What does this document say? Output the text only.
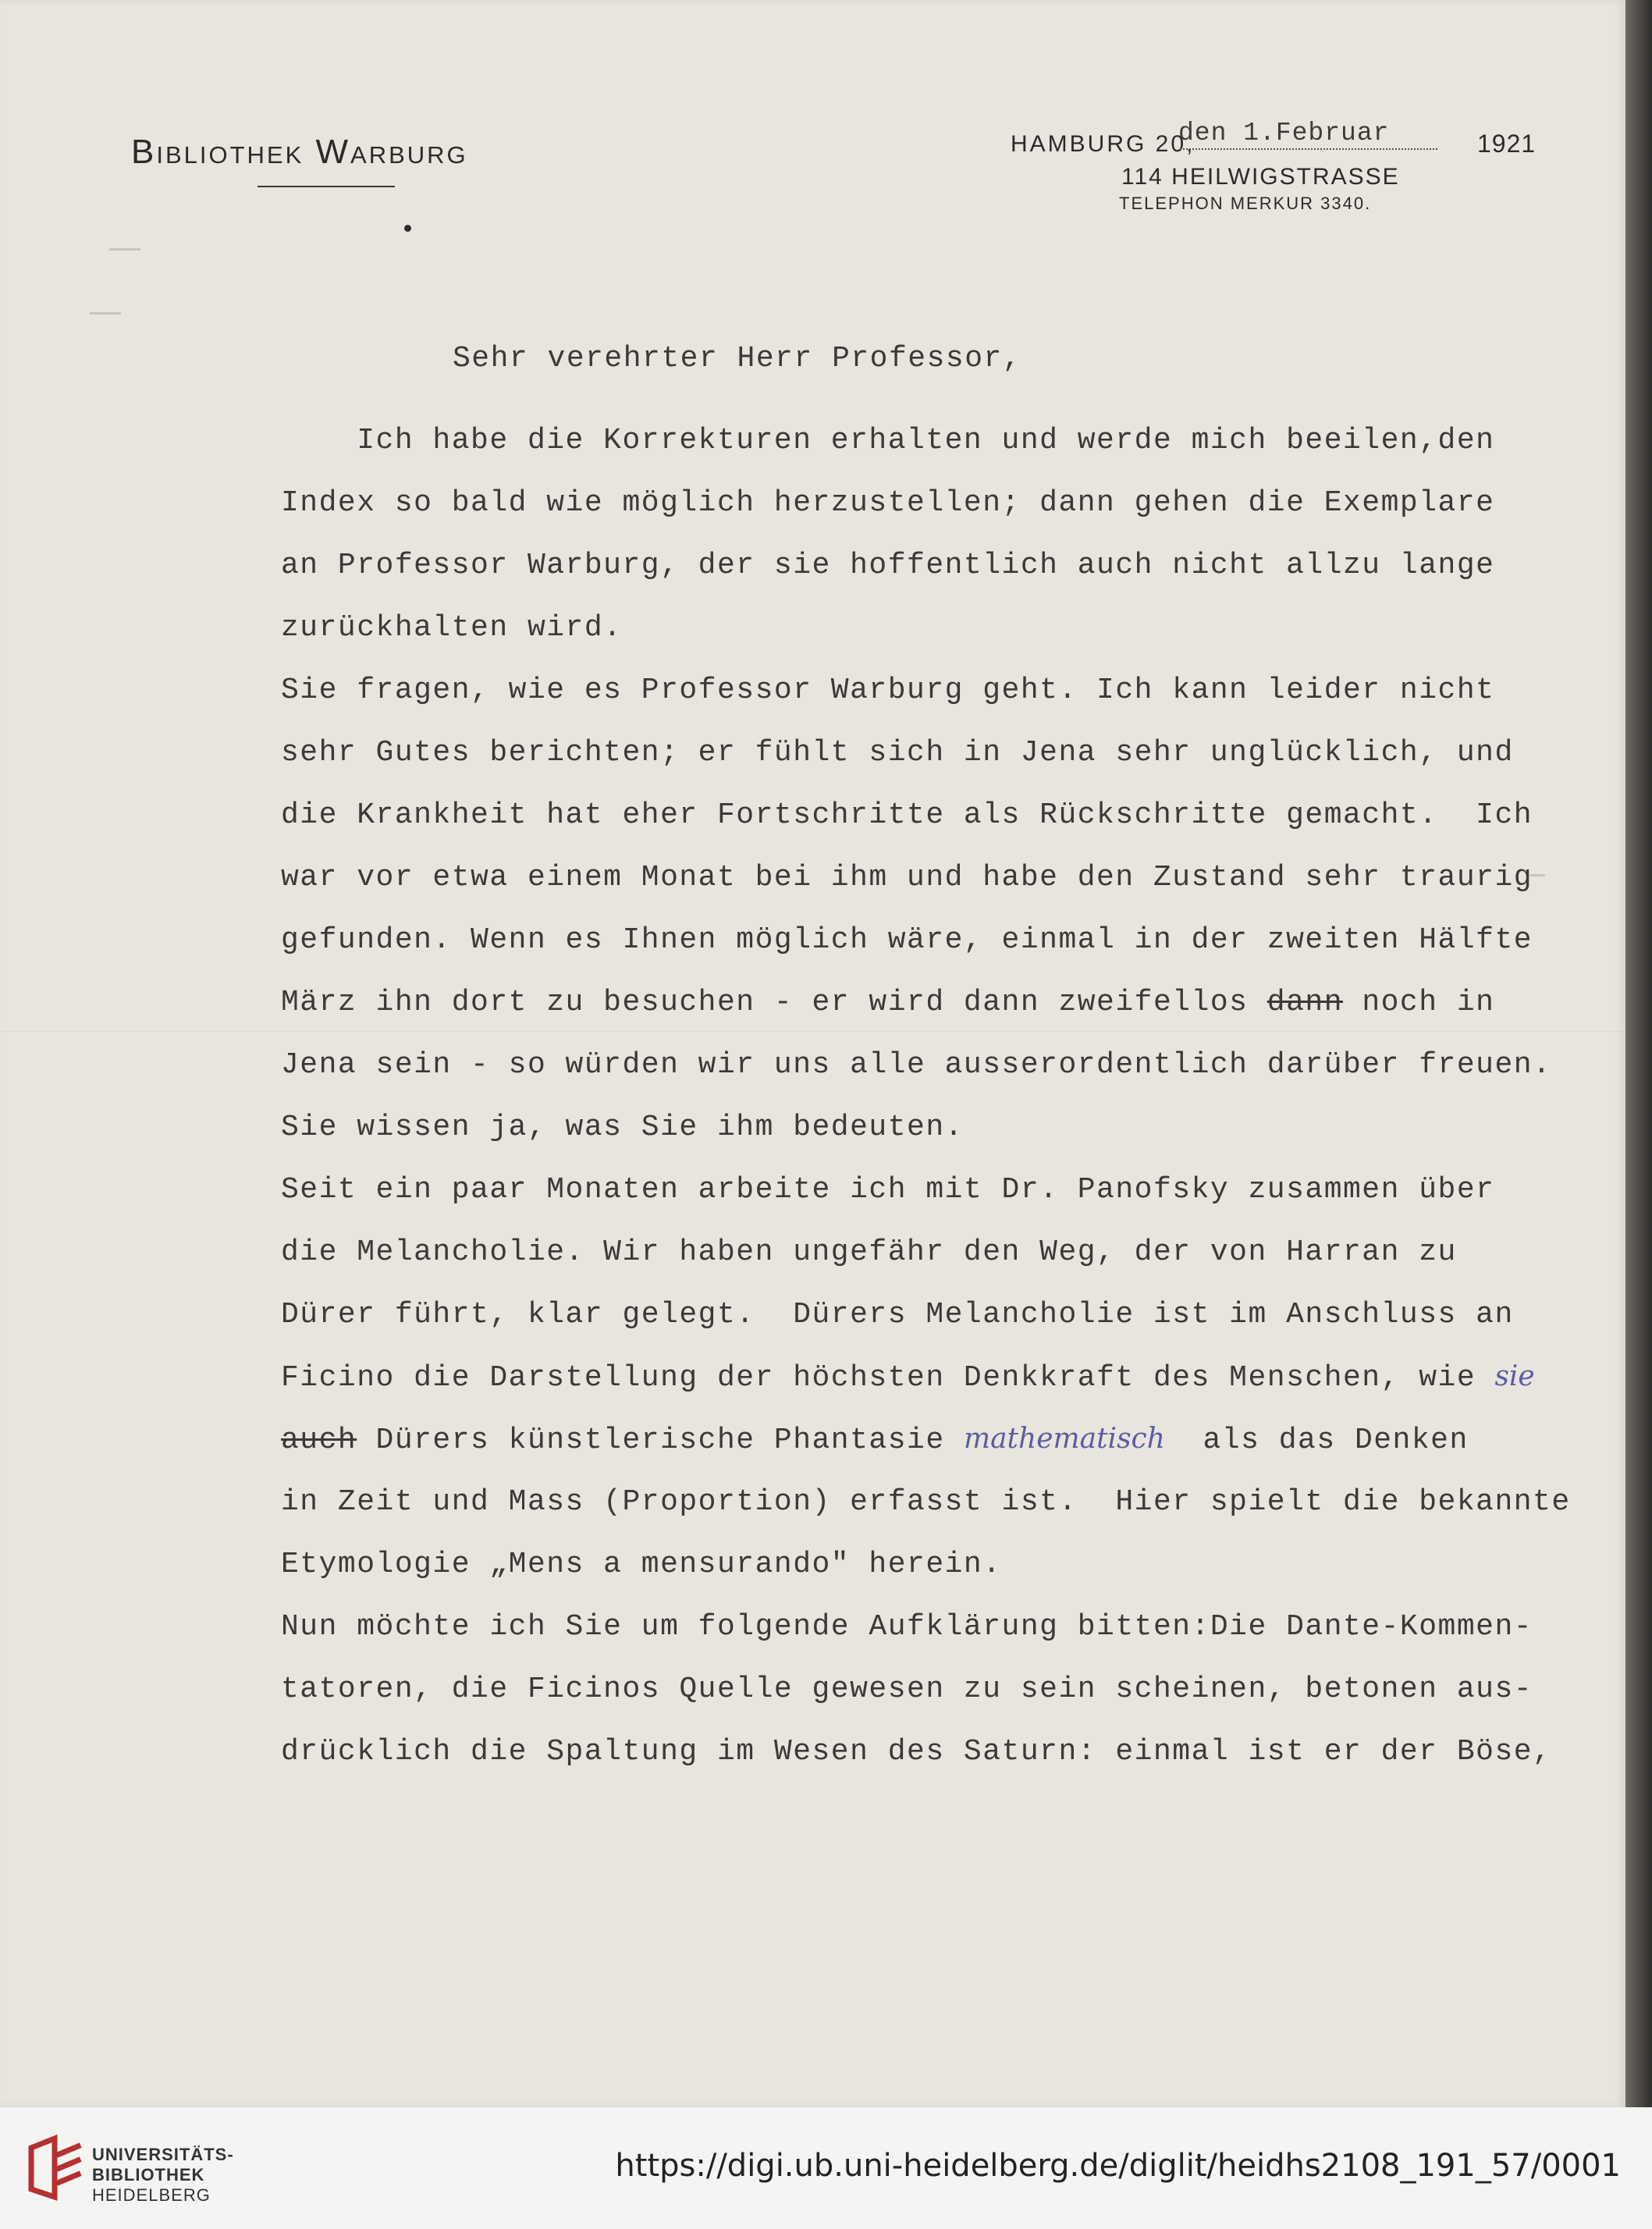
Bibliothek Warburg	HAMBURG 20,
den 1.Februar	1921
114 HEILWIGSTRASSE
TELEPHON MERKUR 3340.
Sehr verehrter Herr Professor,
Ich habe die Korrekturen erhalten und werde mich beeilen,den
Index so bald wie möglich herzustellen; dann gehen die Exemplare
an Professor Warburg, der sie hoffentlich auch nicht allzu lange
zurückhalten wird.
Sie fragen, wie es Professor Warburg geht. Ich kann leider nicht
sehr Gutes berichten; er fühlt sich in Jena sehr unglücklich, und
die Krankheit hat eher Fortschritte als Rückschritte gemacht.  Ich
war vor etwa einem Monat bei ihm und habe den Zustand sehr traurig
gefunden. Wenn es Ihnen möglich wäre, einmal in der zweiten Hälfte
März ihn dort zu besuchen - er wird dann zweifellos dann noch in
Jena sein - so würden wir uns alle ausserordentlich darüber freuen.
Sie wissen ja, was Sie ihm bedeuten.
Seit ein paar Monaten arbeite ich mit Dr. Panofsky zusammen über
die Melancholie. Wir haben ungefähr den Weg, der von Harran zu
Dürer führt, klar gelegt.  Dürers Melancholie ist im Anschluss an
Ficino die Darstellung der höchsten Denkkraft des Menschen, wie sie
auch Dürers künstlerische Phantasie mathematisch  als das Denken
in Zeit und Mass (Proportion) erfasst ist.  Hier spielt die bekannte
Etymologie „Mens a mensurando" herein.
Nun möchte ich Sie um folgende Aufklärung bitten:Die Dante-Kommen-
tatoren, die Ficinos Quelle gewesen zu sein scheinen, betonen aus-
drücklich die Spaltung im Wesen des Saturn: einmal ist er der Böse,
UNIVERSITÄTS-
BIBLIOTHEK
HEIDELBERG
https://digi.ub.uni-heidelberg.de/diglit/heidhs2108_191_57/0001
